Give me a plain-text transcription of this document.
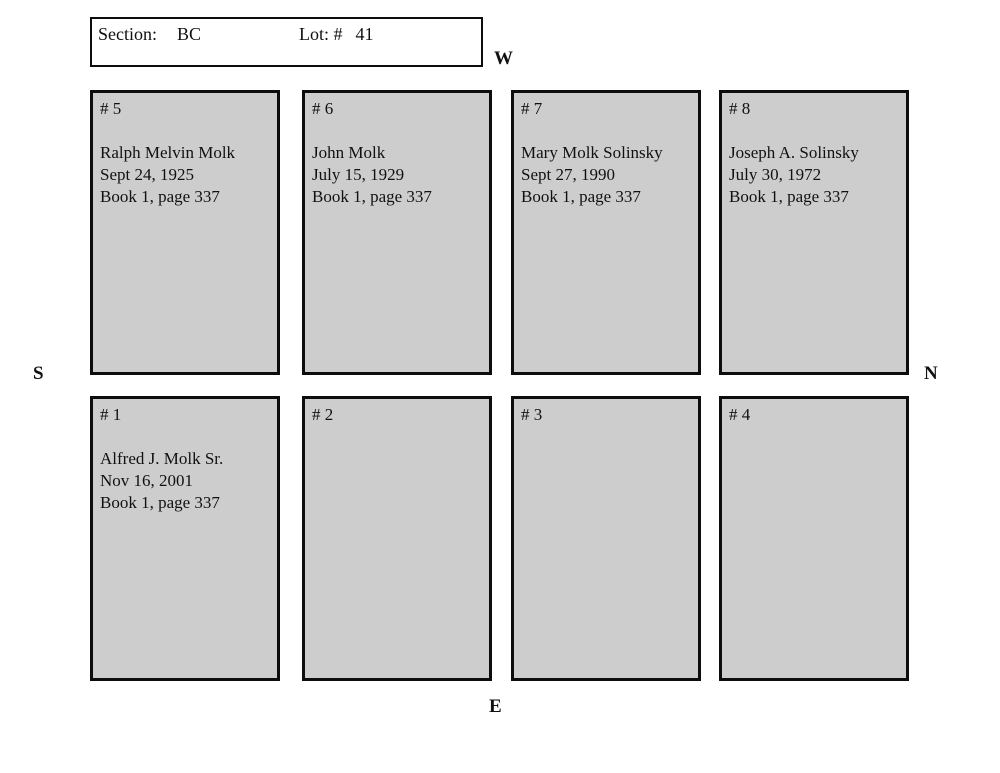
Section: BC	Lot: # 41
W
S	N
E
# 5
Ralph Melvin Molk
Sept 24, 1925
Book 1, page 337
# 6
John Molk
July 15, 1929
Book 1, page 337
# 7
Mary Molk Solinsky
Sept 27, 1990
Book 1, page 337
# 8
Joseph A. Solinsky
July 30, 1972
Book 1, page 337
# 1
Alfred J. Molk Sr.
Nov 16, 2001
Book 1, page 337
# 2	# 3	# 4
